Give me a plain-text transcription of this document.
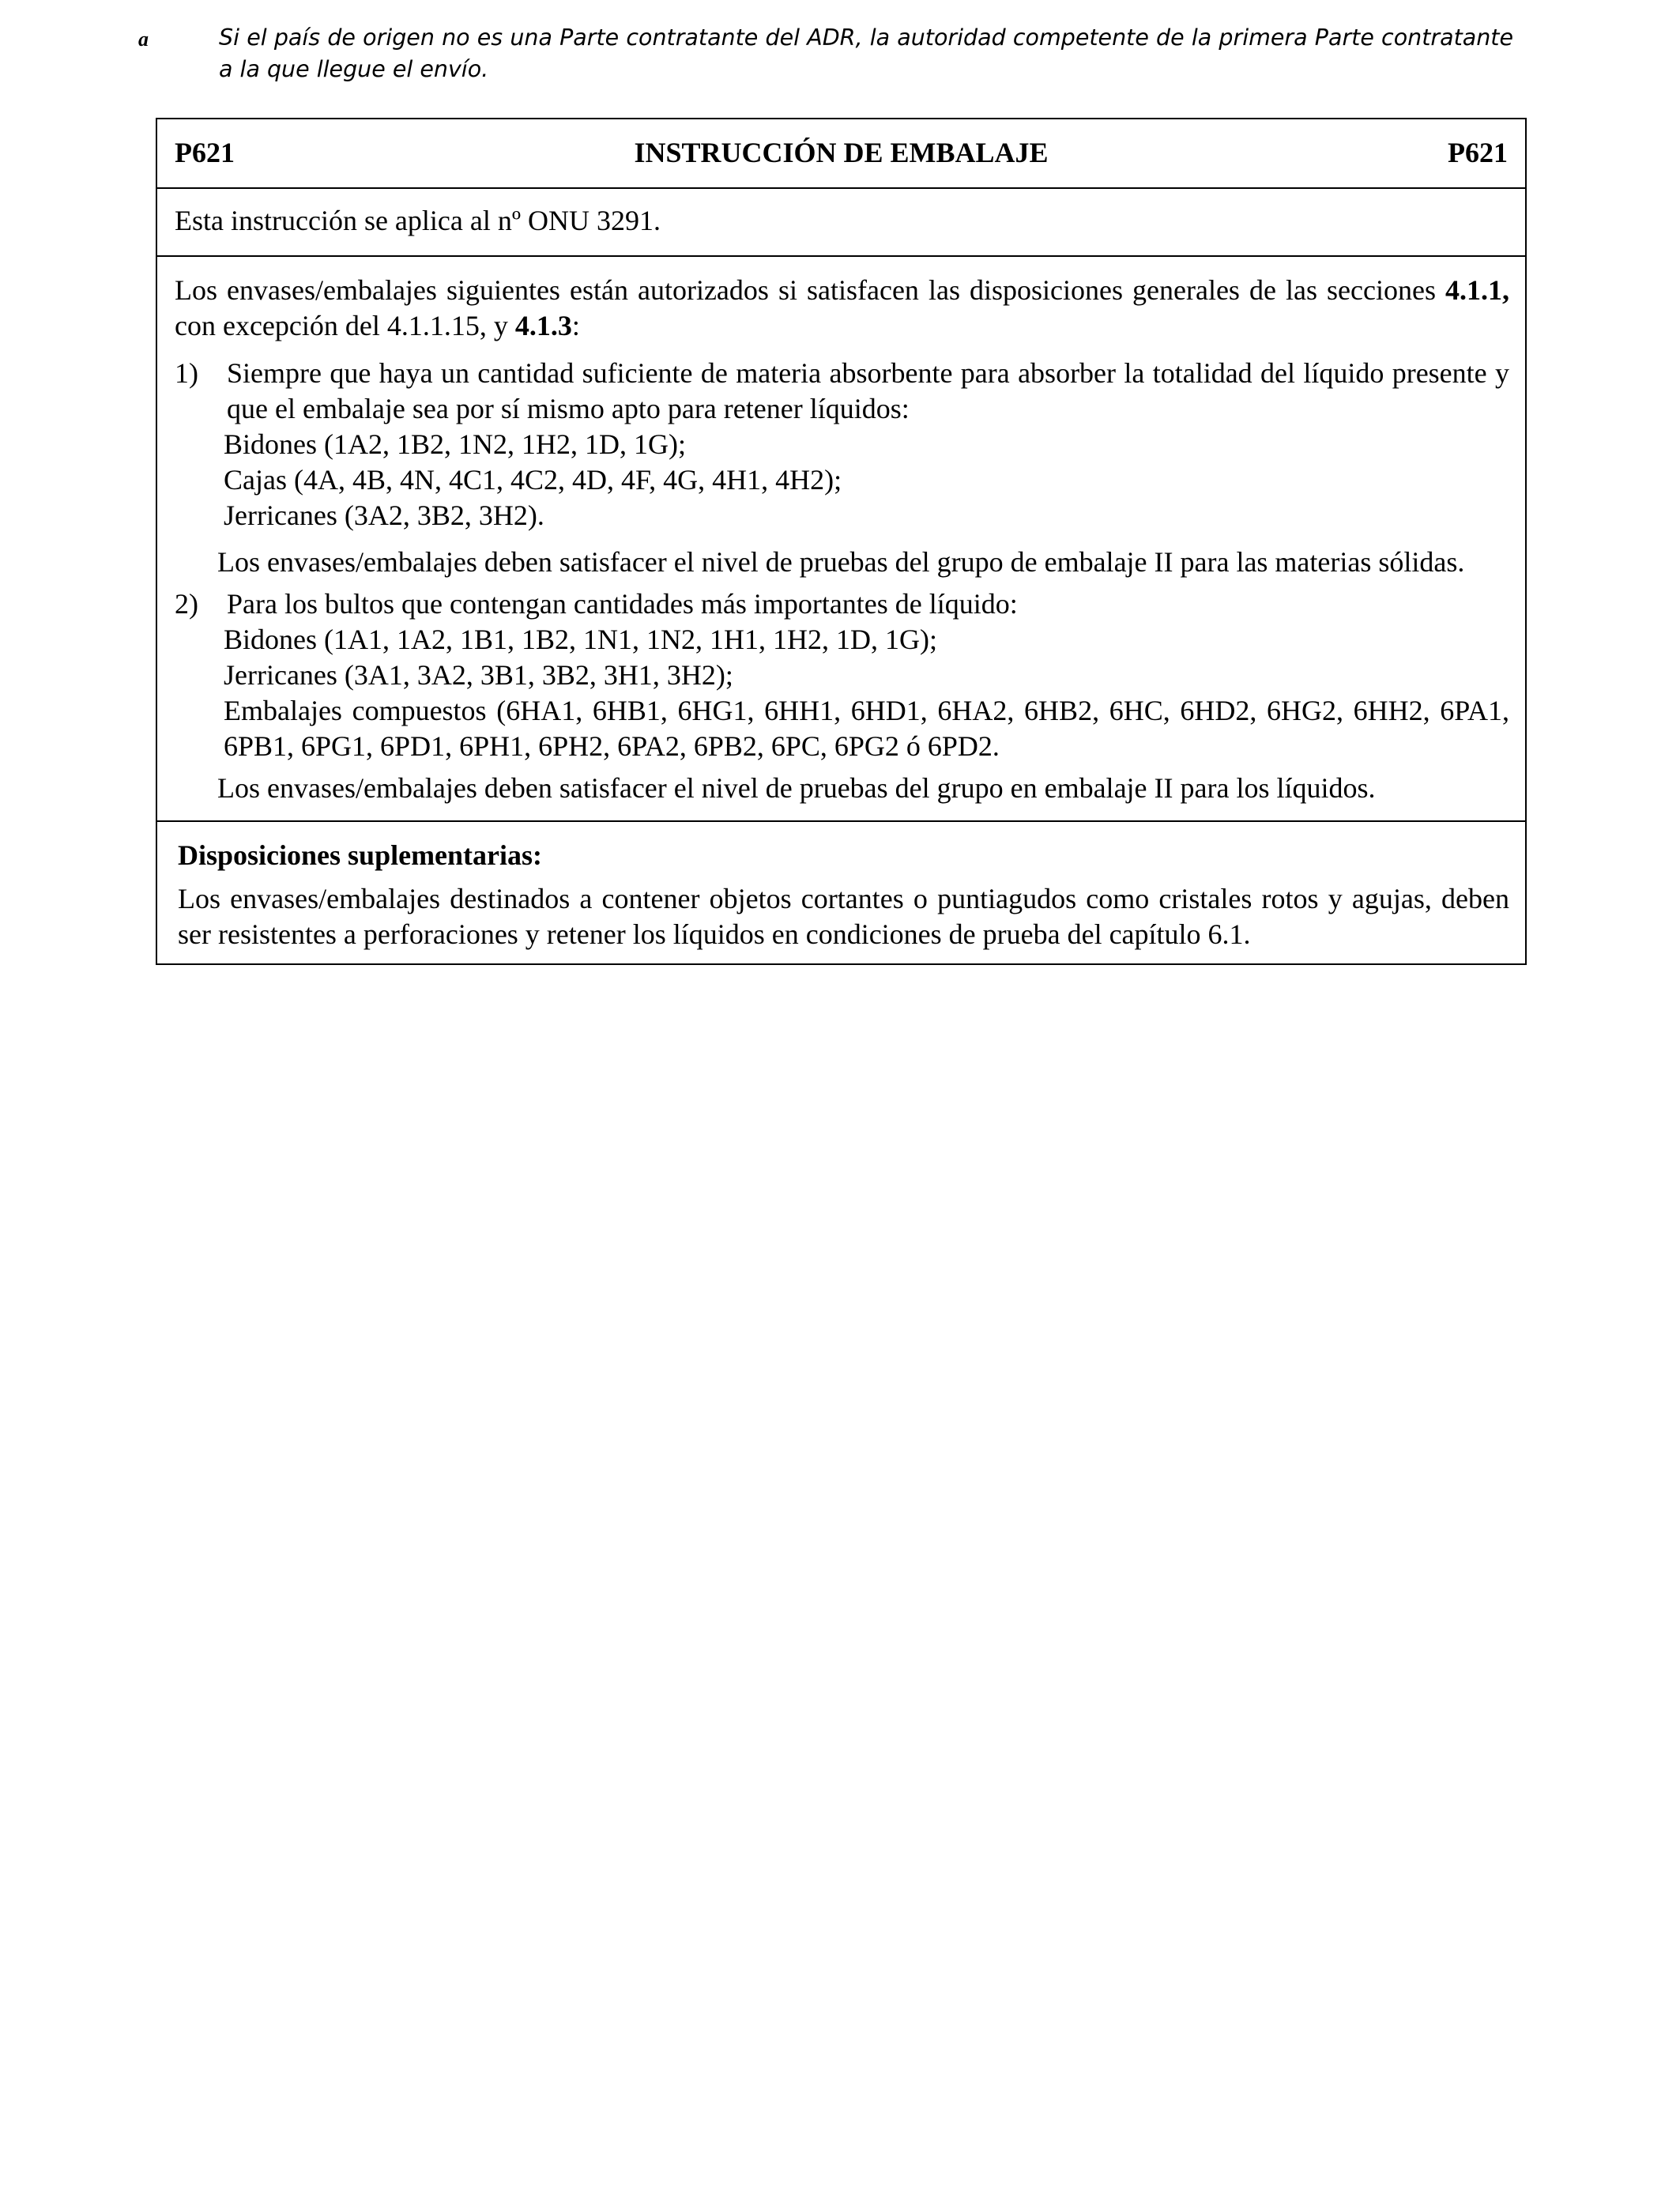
a	Si el país de origen no es una Parte contratante del ADR, la autoridad competente de la primera Parte contratante a la que llegue el envío.
P621	INSTRUCCIÓN DE EMBALAJE	P621
Esta instrucción se aplica al nº ONU 3291.
Los envases/embalajes siguientes están autorizados si satisfacen las disposiciones generales de las secciones 4.1.1, con excepción del 4.1.1.15, y 4.1.3:
1) Siempre que haya un cantidad suficiente de materia absorbente para absorber la totalidad del líquido presente y que el embalaje sea por sí mismo apto para retener líquidos:
Bidones (1A2, 1B2, 1N2, 1H2, 1D, 1G);
Cajas (4A, 4B, 4N, 4C1, 4C2, 4D, 4F, 4G, 4H1, 4H2);
Jerricanes (3A2, 3B2, 3H2).
Los envases/embalajes deben satisfacer el nivel de pruebas del grupo de embalaje II para las materias sólidas.
2) Para los bultos que contengan cantidades más importantes de líquido:
Bidones (1A1, 1A2, 1B1, 1B2, 1N1, 1N2, 1H1, 1H2, 1D, 1G);
Jerricanes (3A1, 3A2, 3B1, 3B2, 3H1, 3H2);
Embalajes compuestos (6HA1, 6HB1, 6HG1, 6HH1, 6HD1, 6HA2, 6HB2, 6HC, 6HD2, 6HG2, 6HH2, 6PA1, 6PB1, 6PG1, 6PD1, 6PH1, 6PH2, 6PA2, 6PB2, 6PC, 6PG2 ó 6PD2.
Los envases/embalajes deben satisfacer el nivel de pruebas del grupo en embalaje II para los líquidos.
Disposiciones suplementarias:
Los envases/embalajes destinados a contener objetos cortantes o puntiagudos como cristales rotos y agujas, deben ser resistentes a perforaciones y retener los líquidos en condiciones de prueba del capítulo 6.1.
